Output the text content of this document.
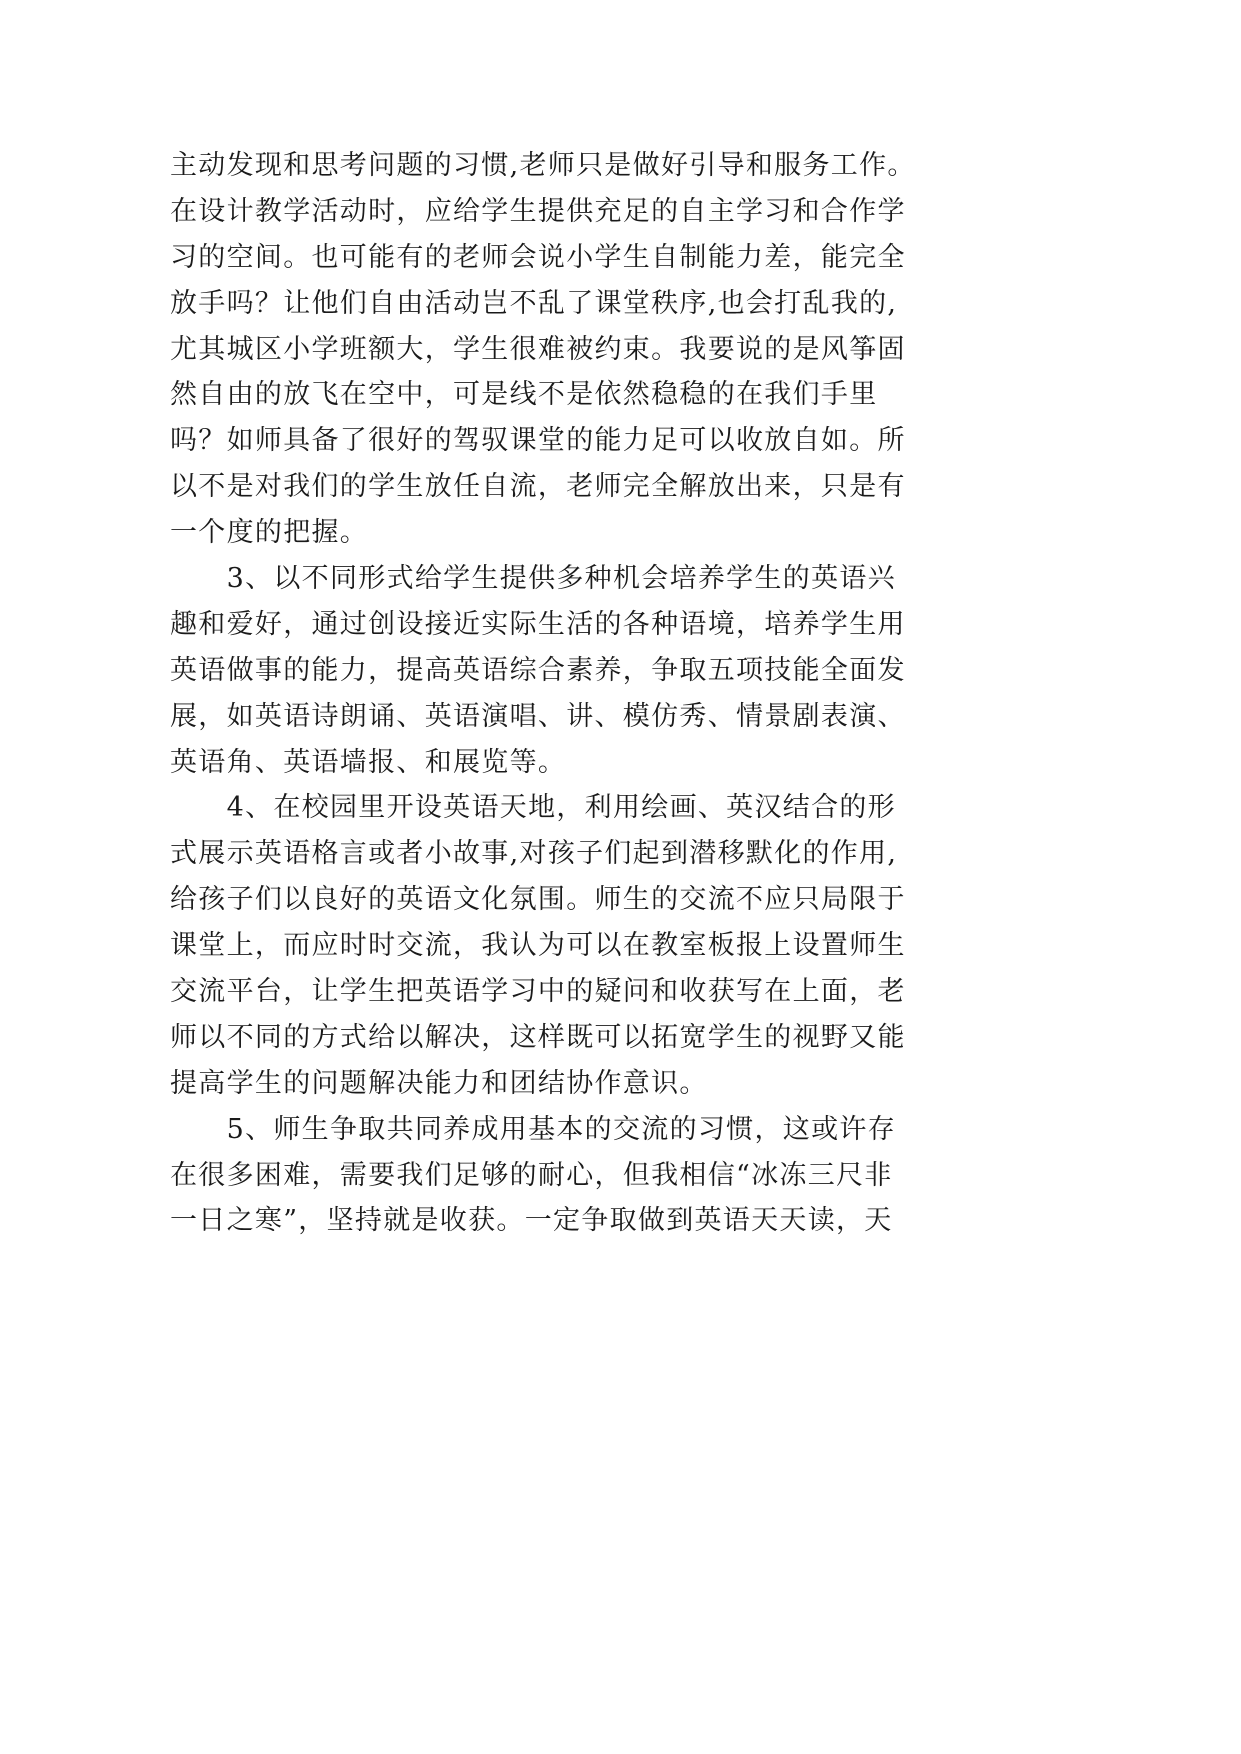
主动发现和思考问题的习惯,老师只是做好引导和服务工作。
在设计教学活动时，应给学生提供充足的自主学习和合作学
习的空间。也可能有的老师会说小学生自制能力差，能完全
放手吗？让他们自由活动岂不乱了课堂秩序,也会打乱我的,
尤其城区小学班额大，学生很难被约束。我要说的是风筝固
然自由的放飞在空中，可是线不是依然稳稳的在我们手里
吗？如师具备了很好的驾驭课堂的能力足可以收放自如。所
以不是对我们的学生放任自流，老师完全解放出来，只是有
一个度的把握。
　　3、以不同形式给学生提供多种机会培养学生的英语兴
趣和爱好，通过创设接近实际生活的各种语境，培养学生用
英语做事的能力，提高英语综合素养，争取五项技能全面发
展，如英语诗朗诵、英语演唱、讲、模仿秀、情景剧表演、
英语角、英语墙报、和展览等。
　　4、在校园里开设英语天地，利用绘画、英汉结合的形
式展示英语格言或者小故事,对孩子们起到潜移默化的作用,
给孩子们以良好的英语文化氛围。师生的交流不应只局限于
课堂上，而应时时交流，我认为可以在教室板报上设置师生
交流平台，让学生把英语学习中的疑问和收获写在上面，老
师以不同的方式给以解决，这样既可以拓宽学生的视野又能
提高学生的问题解决能力和团结协作意识。
　　5、师生争取共同养成用基本的交流的习惯，这或许存
在很多困难，需要我们足够的耐心，但我相信“冰冻三尺非
一日之寒”，坚持就是收获。一定争取做到英语天天读，天
